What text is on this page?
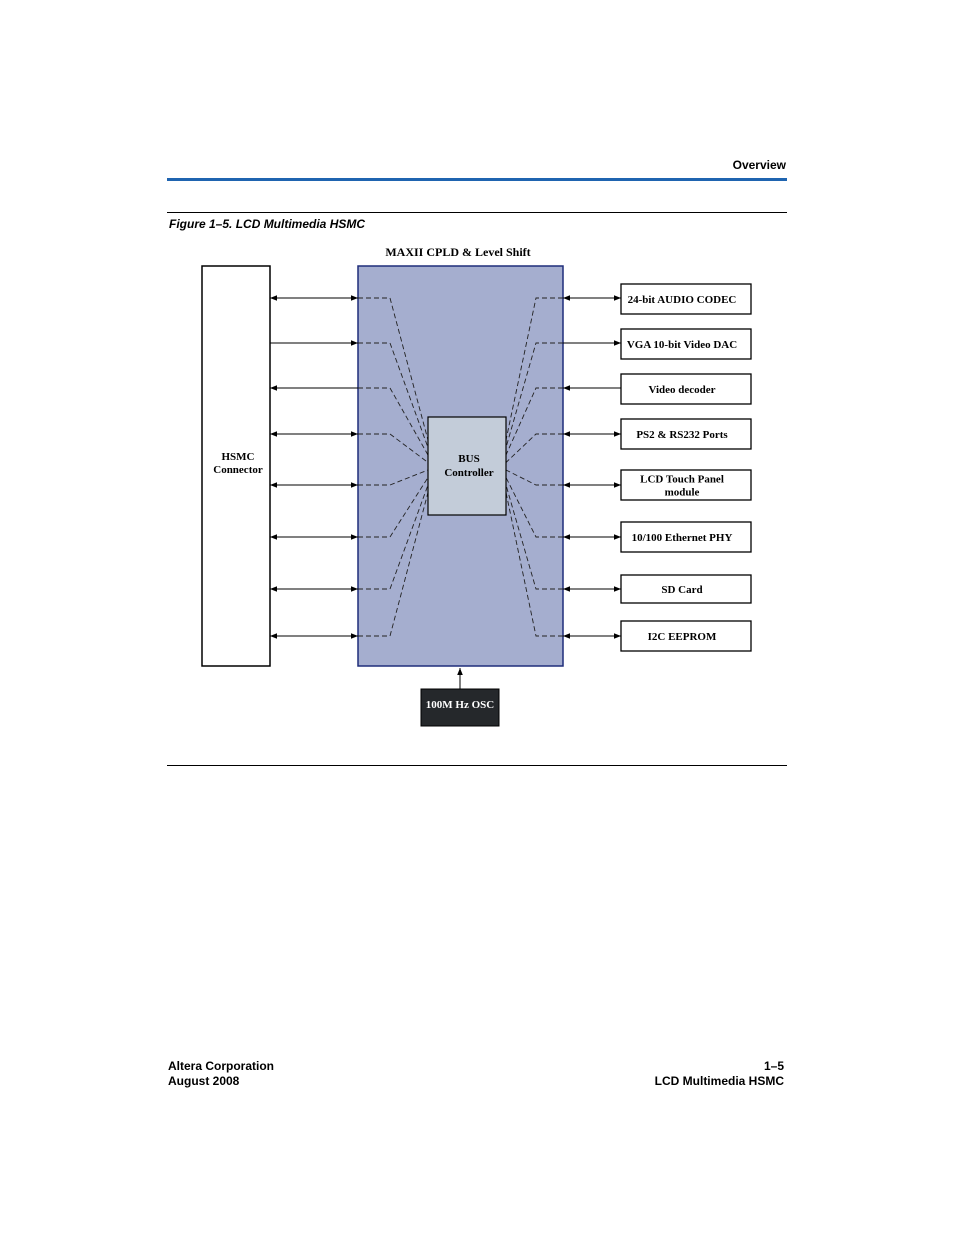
Overview
Figure 1–5. LCD Multimedia HSMC
MAXII CPLD & Level Shift
HSMC
Connector
BUS
Controller
24-bit AUDIO CODEC
VGA 10-bit Video DAC
Video decoder
PS2 & RS232 Ports
LCD Touch Panel
module
10/100 Ethernet PHY
SD Card
I2C EEPROM
100M Hz OSC
Altera Corporation
August 2008
1–5
LCD Multimedia HSMC
